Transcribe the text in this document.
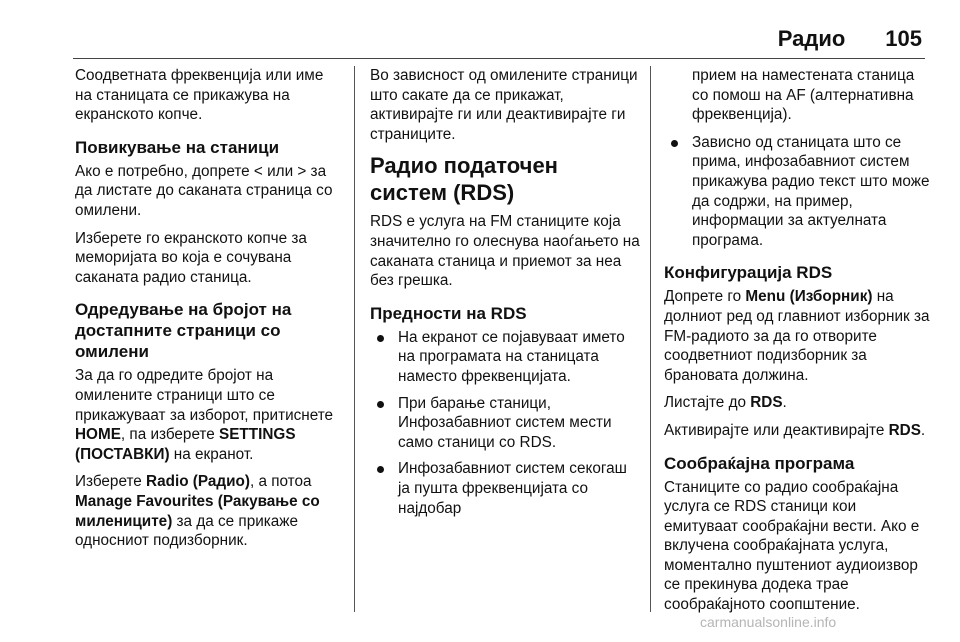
Радио 105

Соодветната фреквенција или име на станицата се прикажува на екранското копче.

Повикување на станици

Ако е потребно, допрете < или > за да листате до саканата страница со омилени.

Изберете го екранското копче за меморијата во која е сочувана саканата радио станица.

Одредување на бројот на достапните страници со омилени

За да го одредите бројот на омилените страници што се прикажуваат за изборот, притиснете HOME, па изберете SETTINGS (ПОСТАВКИ) на екранот.

Изберете Radio (Радио), а потоа Manage Favourites (Ракување со милениците) за да се прикаже односниот подизборник.

Во зависност од омилените страници што сакате да се прикажат, активирајте ги или деактивирајте ги страниците.

Радио податочен систем (RDS)

RDS е услуга на FM станиците која значително го олеснува наоѓањето на саканата станица и приемот за неа без грешка.

Предности на RDS
На екранот се појавуваат името на програмата на станицата наместо фреквенцијата.
При барање станици, Инфозабавниот систем мести само станици со RDS.
Инфозабавниот систем секогаш ја пушта фреквенцијата со најдобар

прием на наместената станица со помош на AF (алтернативна фреквенција).

Зависно од станицата што се прима, инфозабавниот систем прикажува радио текст што може да содржи, на пример, информации за актуелната програма.
Конфигурација RDS

Допрете го Menu (Изборник) на долниот ред од главниот изборник за FM-радиото за да го отворите соодветниот подизборник за брановата должина.

Листајте до RDS.

Активирајте или деактивирајте RDS.

Сообраќајна програма

Станиците со радио сообраќајна услуга се RDS станици кои емитуваат сообраќајни вести. Ако е вклучена сообраќајната услуга, моментално пуштениот аудиоизвор се прекинува додека трае сообраќајното соопштение.

carmanualsonline.info
